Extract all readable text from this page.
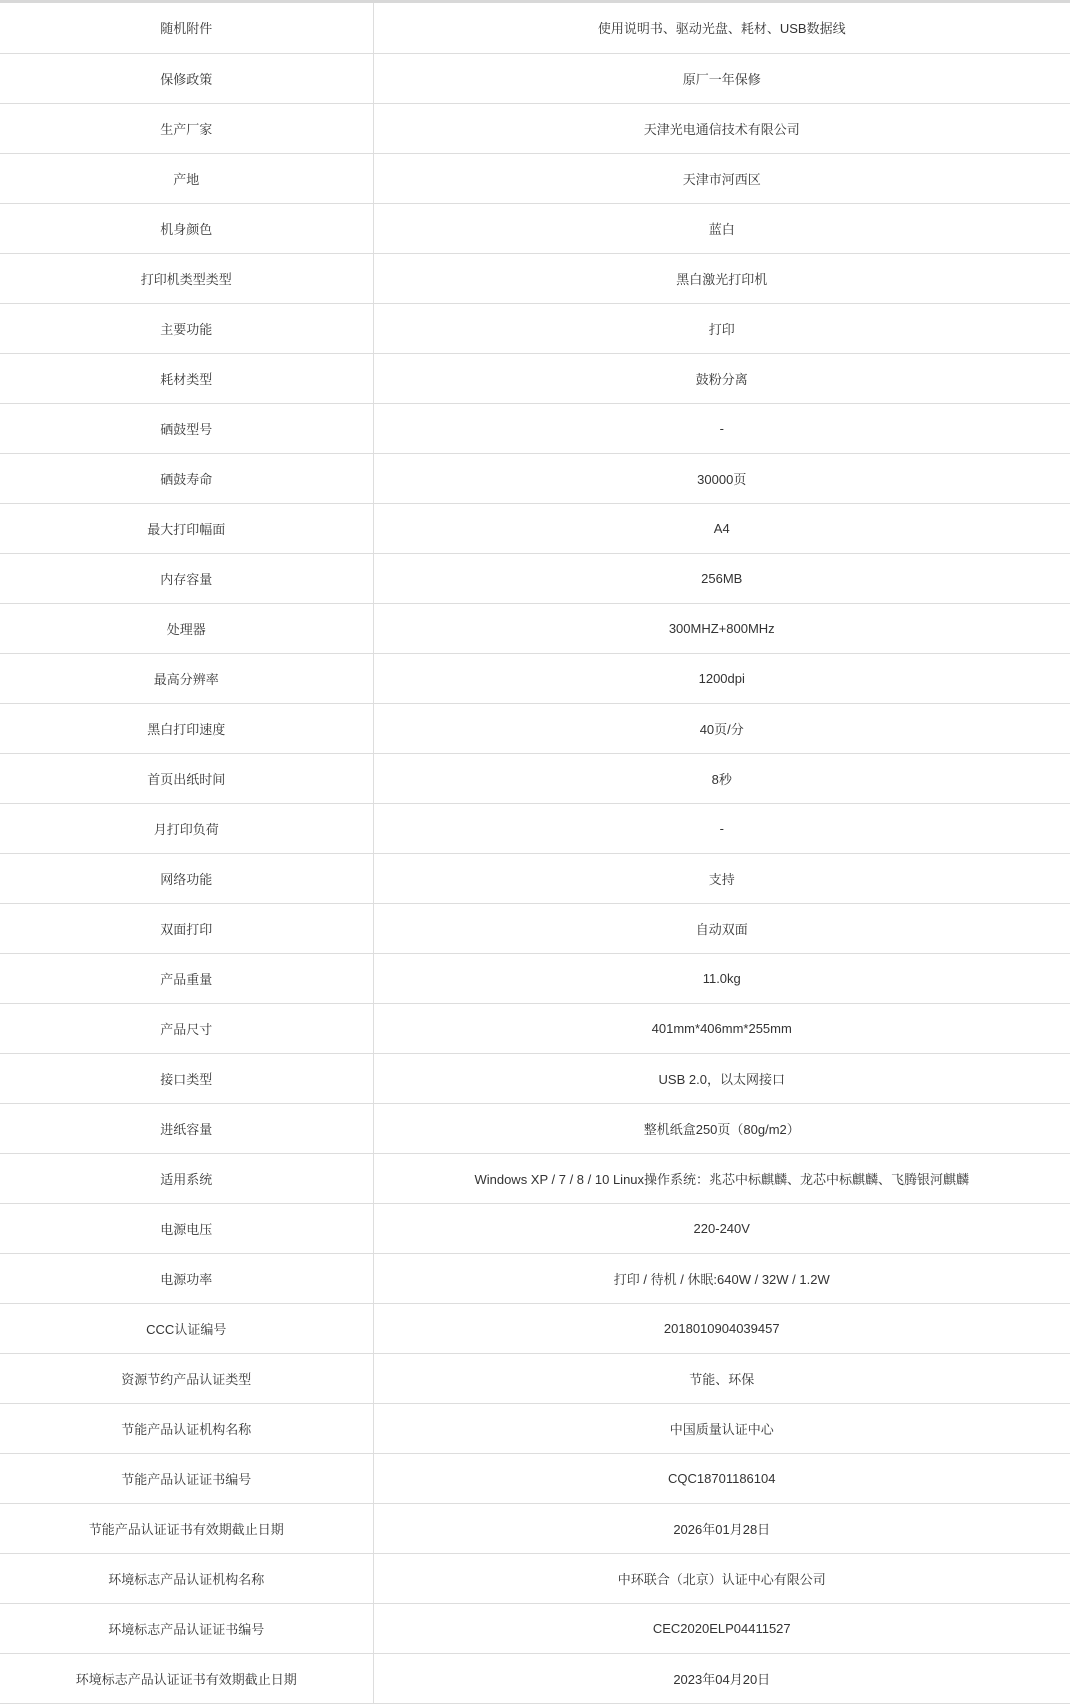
随机附件	使用说明书、驱动光盘、耗材、USB数据线
保修政策	原厂一年保修
生产厂家	天津光电通信技术有限公司
产地	天津市河西区
机身颜色	蓝白
打印机类型类型	黑白激光打印机
主要功能	打印
耗材类型	鼓粉分离
硒鼓型号	-
硒鼓寿命	30000页
最大打印幅面	A4
内存容量	256MB
处理器	300MHZ+800MHz
最高分辨率	1200dpi
黑白打印速度	40页/分
首页出纸时间	8秒
月打印负荷	-
网络功能	支持
双面打印	自动双面
产品重量	11.0kg
产品尺寸	401mm*406mm*255mm
接口类型	USB 2.0，以太网接口
进纸容量	整机纸盒250页（80g/m2）
适用系统	Windows XP / 7 / 8 / 10 Linux操作系统：兆芯中标麒麟、龙芯中标麒麟、飞腾银河麒麟
电源电压	220-240V
电源功率	打印 / 待机 / 休眠:640W / 32W / 1.2W
CCC认证编号	2018010904039457
资源节约产品认证类型	节能、环保
节能产品认证机构名称	中国质量认证中心
节能产品认证证书编号	CQC18701186104
节能产品认证证书有效期截止日期	2026年01月28日
环境标志产品认证机构名称	中环联合（北京）认证中心有限公司
环境标志产品认证证书编号	CEC2020ELP04411527
环境标志产品认证证书有效期截止日期	2023年04月20日
